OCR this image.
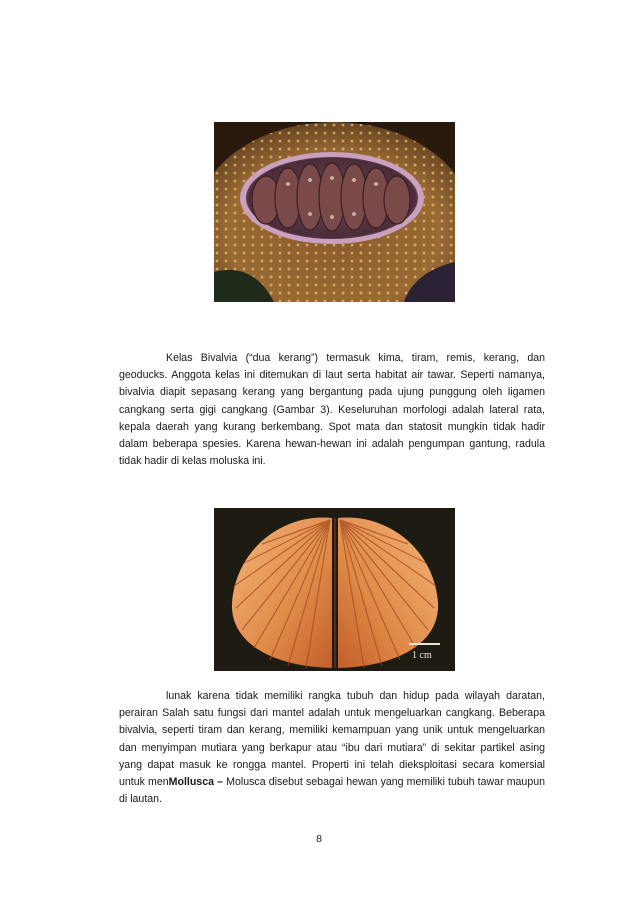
Kelas Bivalvia (“dua kerang”) termasuk kima, tiram, remis, kerang, dan geoducks. Anggota kelas ini ditemukan di laut serta habitat air tawar. Seperti namanya, bivalvia diapit sepasang kerang yang bergantung pada ujung punggung oleh ligamen cangkang serta gigi cangkang (Gambar 3). Keseluruhan morfologi adalah lateral rata, kepala daerah yang kurang berkembang. Spot mata dan statosit mungkin tidak hadir dalam beberapa spesies. Karena hewan-hewan ini adalah pengumpan gantung, radula tidak hadir di kelas moluska ini.

1 cm

lunak karena tidak memiliki rangka tubuh dan hidup pada wilayah daratan, perairan Salah satu fungsi dari mantel adalah untuk mengeluarkan cangkang. Beberapa bivalvia, seperti tiram dan kerang, memiliki kemampuan yang unik untuk mengeluarkan dan menyimpan mutiara yang berkapur atau “ibu dari mutiara” di sekitar partikel asing yang dapat masuk ke rongga mantel. Properti ini telah dieksploitasi secara komersial untuk menMollusca – Molusca disebut sebagai hewan yang memiliki tubuh tawar maupun di lautan.

8
